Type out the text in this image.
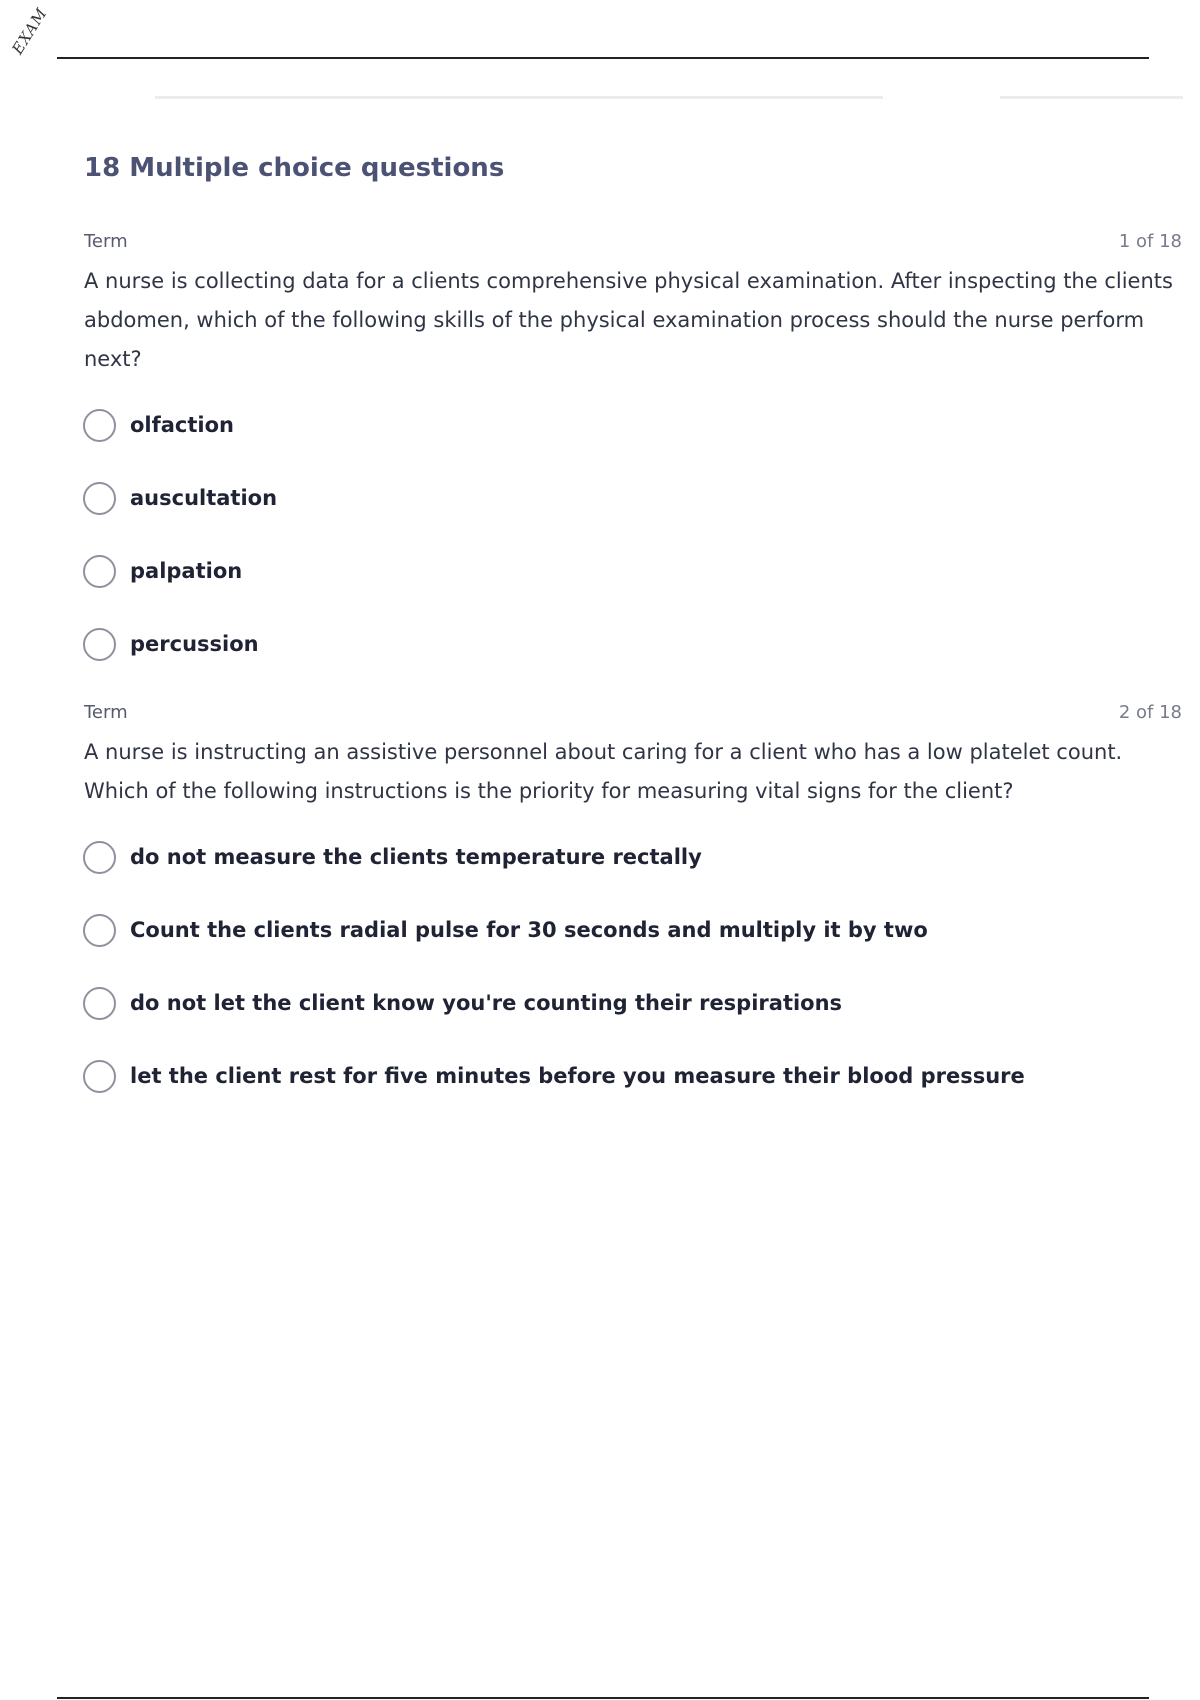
EXAM
18 Multiple choice questions
Term	1 of 18
A nurse is collecting data for a clients comprehensive physical examination. After inspecting the clients abdomen, which of the following skills of the physical examination process should the nurse perform next?
olfaction
auscultation
palpation
percussion
Term	2 of 18
A nurse is instructing an assistive personnel about caring for a client who has a low platelet count. Which of the following instructions is the priority for measuring vital signs for the client?
do not measure the clients temperature rectally
Count the clients radial pulse for 30 seconds and multiply it by two
do not let the client know you're counting their respirations
let the client rest for five minutes before you measure their blood pressure
